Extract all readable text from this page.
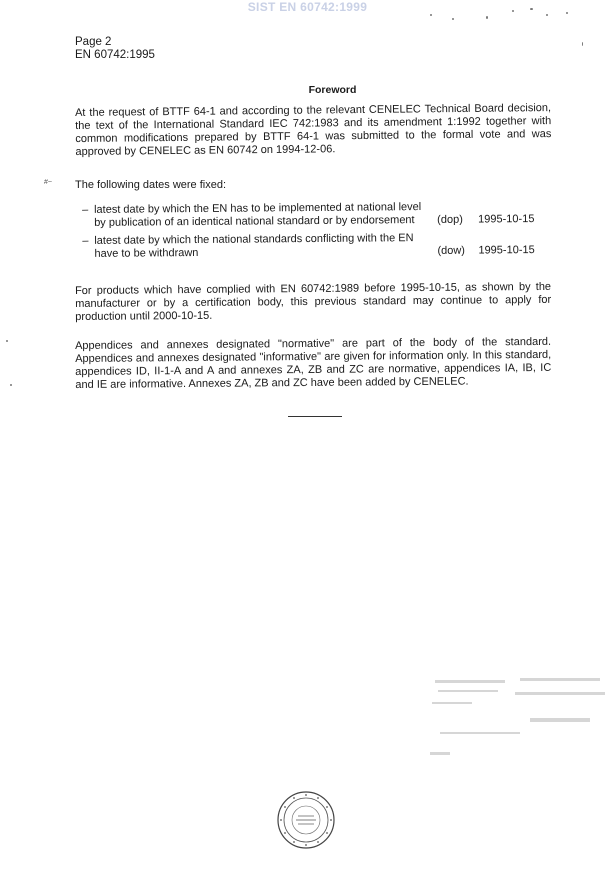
SIST EN 60742:1999
Page 2
EN 60742:1995
Foreword
At the request of BTTF 64-1 and according to the relevant CENELEC Technical Board decision, the text of the International Standard IEC 742:1983 and its amendment 1:1992 together with common modifications prepared by BTTF 64-1 was submitted to the formal vote and was approved by CENELEC as EN 60742 on 1994-12-06.
#~ The following dates were fixed:
– latest date by which the EN has to be implemented at national level by publication of an identical national standard or by endorsement	(dop)	1995-10-15
– latest date by which the national standards conflicting with the EN have to be withdrawn	(dow)	1995-10-15
For products which have complied with EN 60742:1989 before 1995-10-15, as shown by the manufacturer or by a certification body, this previous standard may continue to apply for production until 2000-10-15.
Appendices and annexes designated "normative" are part of the body of the standard. Appendices and annexes designated "informative" are given for information only. In this standard, appendices ID, II-1-A and A and annexes ZA, ZB and ZC are normative, appendices IA, IB, IC and IE are informative. Annexes ZA, ZB and ZC have been added by CENELEC.
